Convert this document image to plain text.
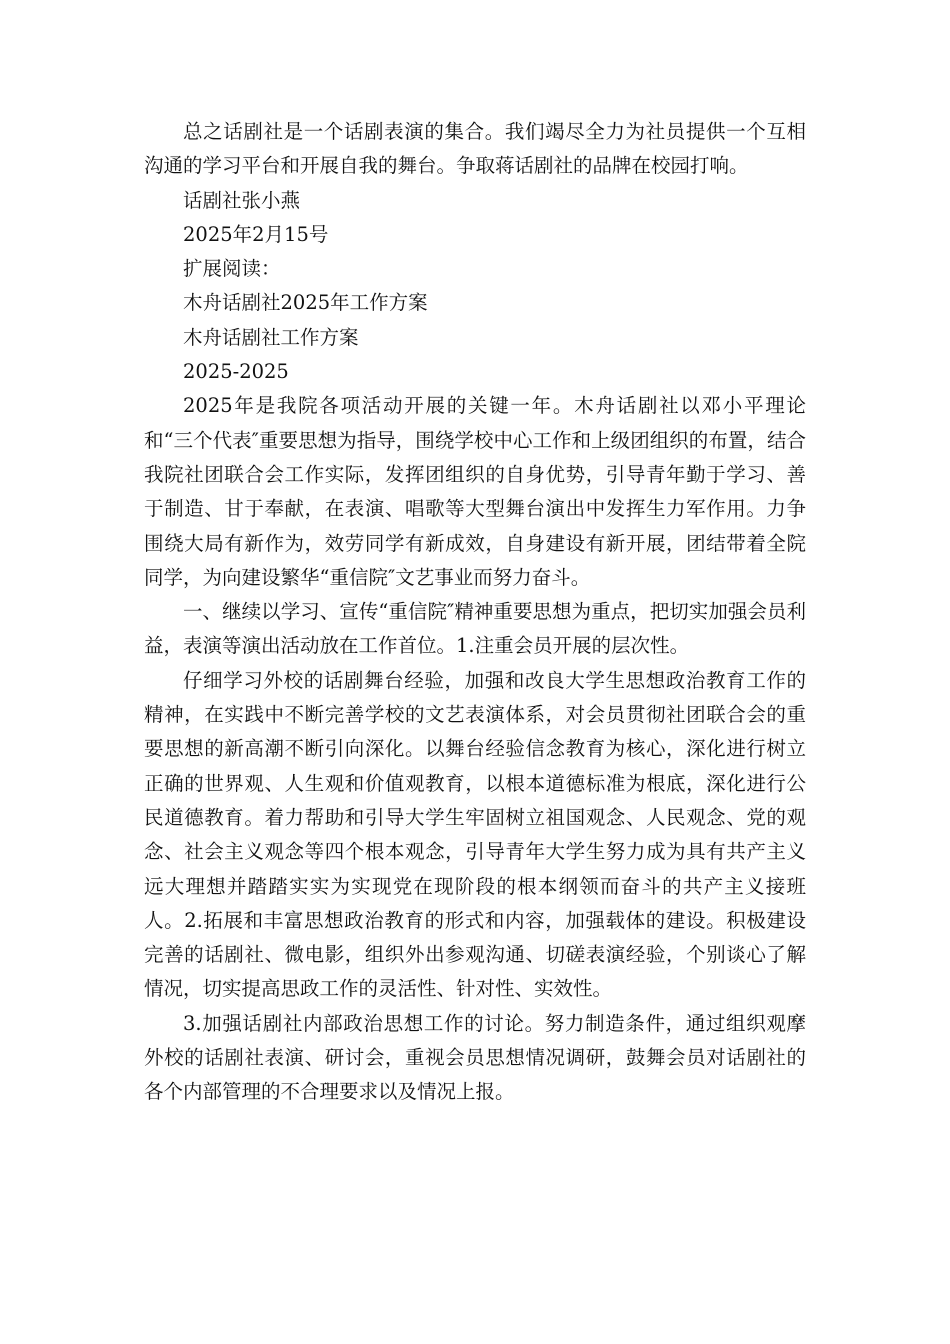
总之话剧社是一个话剧表演的集合。我们竭尽全力为社员提供一个互相沟通的学习平台和开展自我的舞台。争取蒋话剧社的品牌在校园打响。

话剧社张小燕

2025年2月15号

扩展阅读：

木舟话剧社2025年工作方案

木舟话剧社工作方案

2025-2025

2025年是我院各项活动开展的关键一年。木舟话剧社以邓小平理论和“三个代表″重要思想为指导，围绕学校中心工作和上级团组织的布置，结合我院社团联合会工作实际，发挥团组织的自身优势，引导青年勤于学习、善于制造、甘于奉献，在表演、唱歌等大型舞台演出中发挥生力军作用。力争围绕大局有新作为，效劳同学有新成效，自身建设有新开展，团结带着全院同学，为向建设繁华“重信院″文艺事业而努力奋斗。

一、继续以学习、宣传“重信院″精神重要思想为重点，把切实加强会员利益，表演等演出活动放在工作首位。1.注重会员开展的层次性。

仔细学习外校的话剧舞台经验，加强和改良大学生思想政治教育工作的精神，在实践中不断完善学校的文艺表演体系，对会员贯彻社团联合会的重要思想的新高潮不断引向深化。以舞台经验信念教育为核心，深化进行树立正确的世界观、人生观和价值观教育，以根本道德标准为根底，深化进行公民道德教育。着力帮助和引导大学生牢固树立祖国观念、人民观念、党的观念、社会主义观念等四个根本观念，引导青年大学生努力成为具有共产主义远大理想并踏踏实实为实现党在现阶段的根本纲领而奋斗的共产主义接班人。2.拓展和丰富思想政治教育的形式和内容，加强载体的建设。积极建设完善的话剧社、微电影，组织外出参观沟通、切磋表演经验，个别谈心了解情况，切实提高思政工作的灵活性、针对性、实效性。

3.加强话剧社内部政治思想工作的讨论。努力制造条件，通过组织观摩外校的话剧社表演、研讨会，重视会员思想情况调研，鼓舞会员对话剧社的各个内部管理的不合理要求以及情况上报。
